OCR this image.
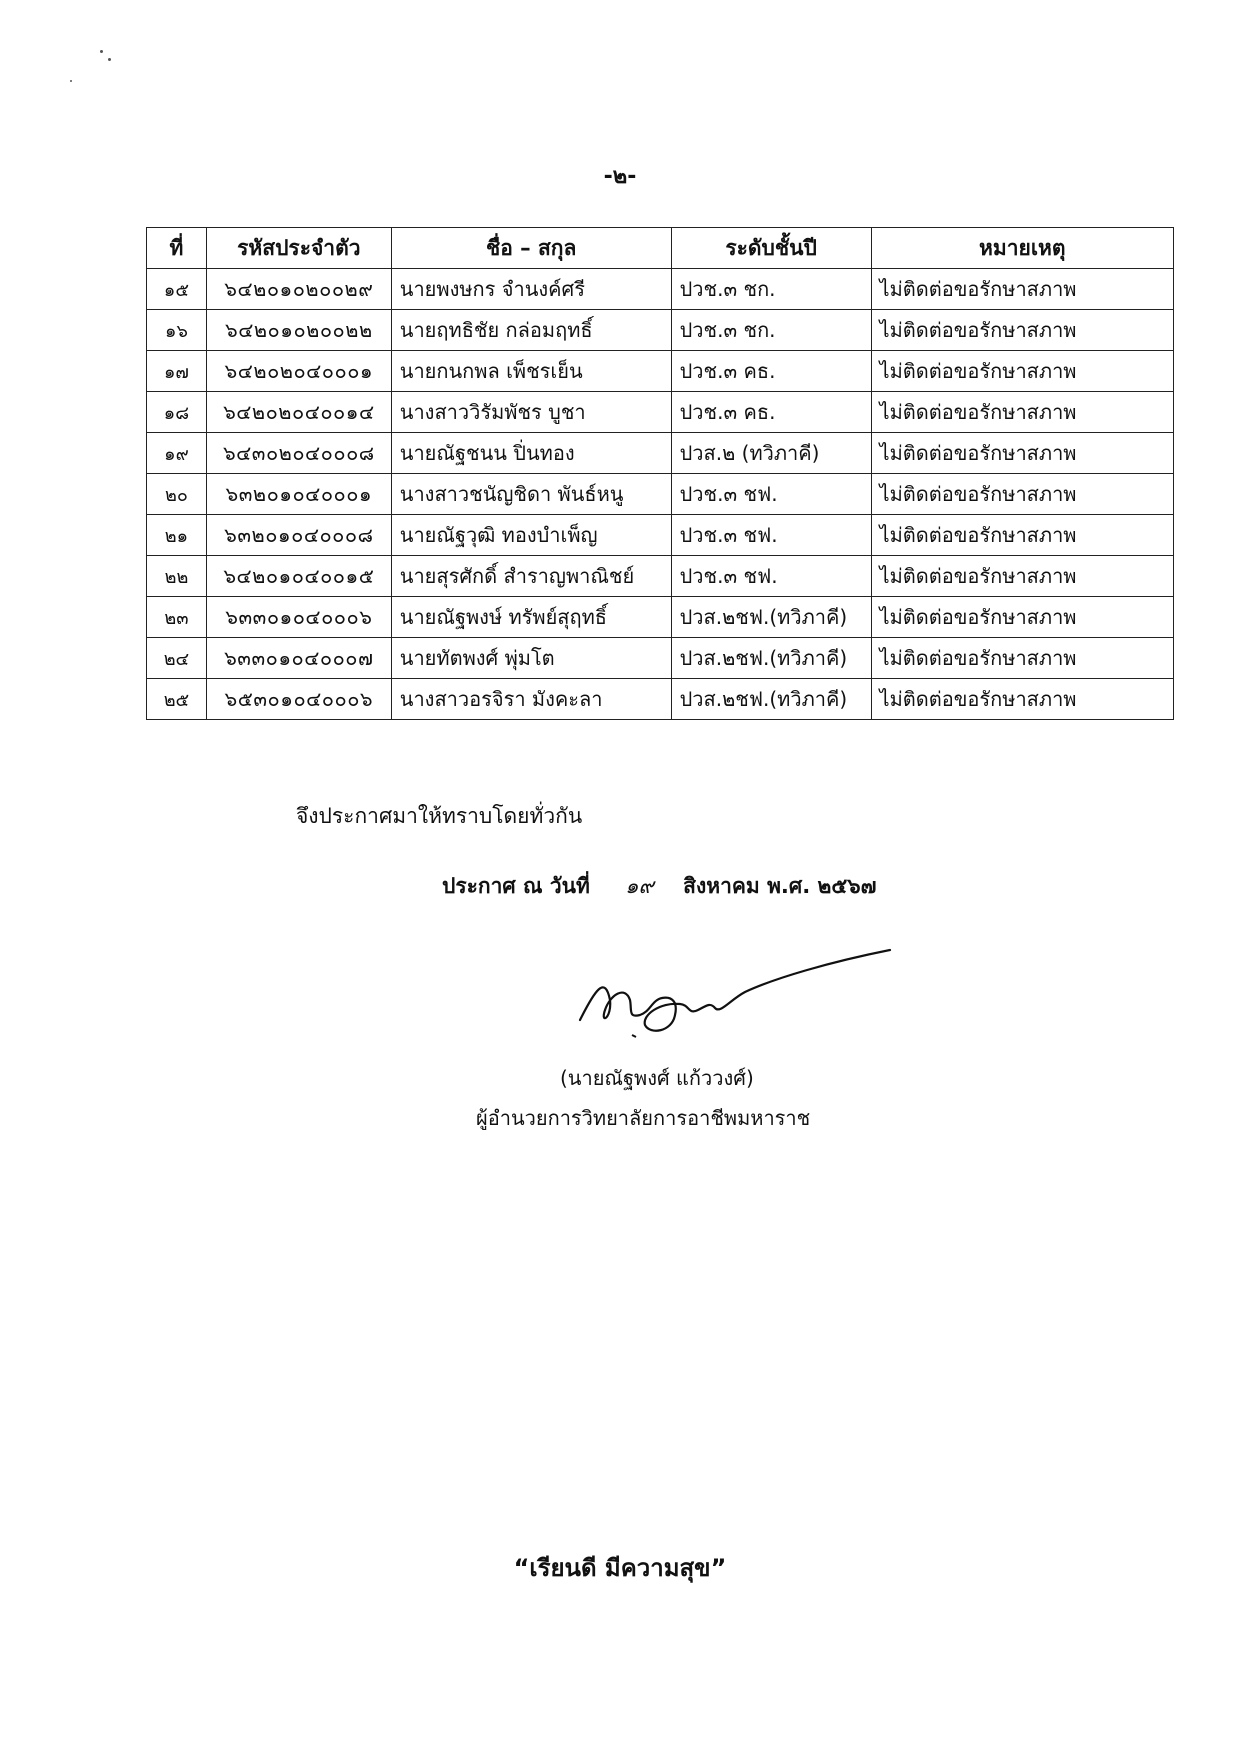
-๒-
ที่	รหัสประจำตัว	ชื่อ – สกุล	ระดับชั้นปี	หมายเหตุ
๑๕	๖๔๒๐๑๐๒๐๐๒๙	นายพงษกร จำนงค์ศรี	ปวช.๓ ชก.	ไม่ติดต่อขอรักษาสภาพ
๑๖	๖๔๒๐๑๐๒๐๐๒๒	นายฤทธิชัย กล่อมฤทธิ์	ปวช.๓ ชก.	ไม่ติดต่อขอรักษาสภาพ
๑๗	๖๔๒๐๒๐๔๐๐๐๑	นายกนกพล เพ็ชรเย็น	ปวช.๓ คธ.	ไม่ติดต่อขอรักษาสภาพ
๑๘	๖๔๒๐๒๐๔๐๐๑๔	นางสาววิรัมพัชร บูชา	ปวช.๓ คธ.	ไม่ติดต่อขอรักษาสภาพ
๑๙	๖๔๓๐๒๐๔๐๐๐๘	นายณัฐชนน ปิ่นทอง	ปวส.๒ (ทวิภาคี)	ไม่ติดต่อขอรักษาสภาพ
๒๐	๖๓๒๐๑๐๔๐๐๐๑	นางสาวชนัญชิดา พันธ์หนู	ปวช.๓ ชฟ.	ไม่ติดต่อขอรักษาสภาพ
๒๑	๖๓๒๐๑๐๔๐๐๐๘	นายณัฐวุฒิ ทองบำเพ็ญ	ปวช.๓ ชฟ.	ไม่ติดต่อขอรักษาสภาพ
๒๒	๖๔๒๐๑๐๔๐๐๑๕	นายสุรศักดิ์ สำราญพาณิชย์	ปวช.๓ ชฟ.	ไม่ติดต่อขอรักษาสภาพ
๒๓	๖๓๓๐๑๐๔๐๐๐๖	นายณัฐพงษ์ ทรัพย์สุฤทธิ์	ปวส.๒ชฟ.(ทวิภาคี)	ไม่ติดต่อขอรักษาสภาพ
๒๔	๖๓๓๐๑๐๔๐๐๐๗	นายทัตพงศ์ พุ่มโต	ปวส.๒ชฟ.(ทวิภาคี)	ไม่ติดต่อขอรักษาสภาพ
๒๕	๖๕๓๐๑๐๔๐๐๐๖	นางสาวอรจิรา มังคะลา	ปวส.๒ชฟ.(ทวิภาคี)	ไม่ติดต่อขอรักษาสภาพ
จึงประกาศมาให้ทราบโดยทั่วกัน
ประกาศ ณ วันที่ ๑๙ สิงหาคม พ.ศ. ๒๕๖๗
(นายณัฐพงศ์ แก้ววงศ์)
ผู้อำนวยการวิทยาลัยการอาชีพมหาราช
“เรียนดี มีความสุข”
